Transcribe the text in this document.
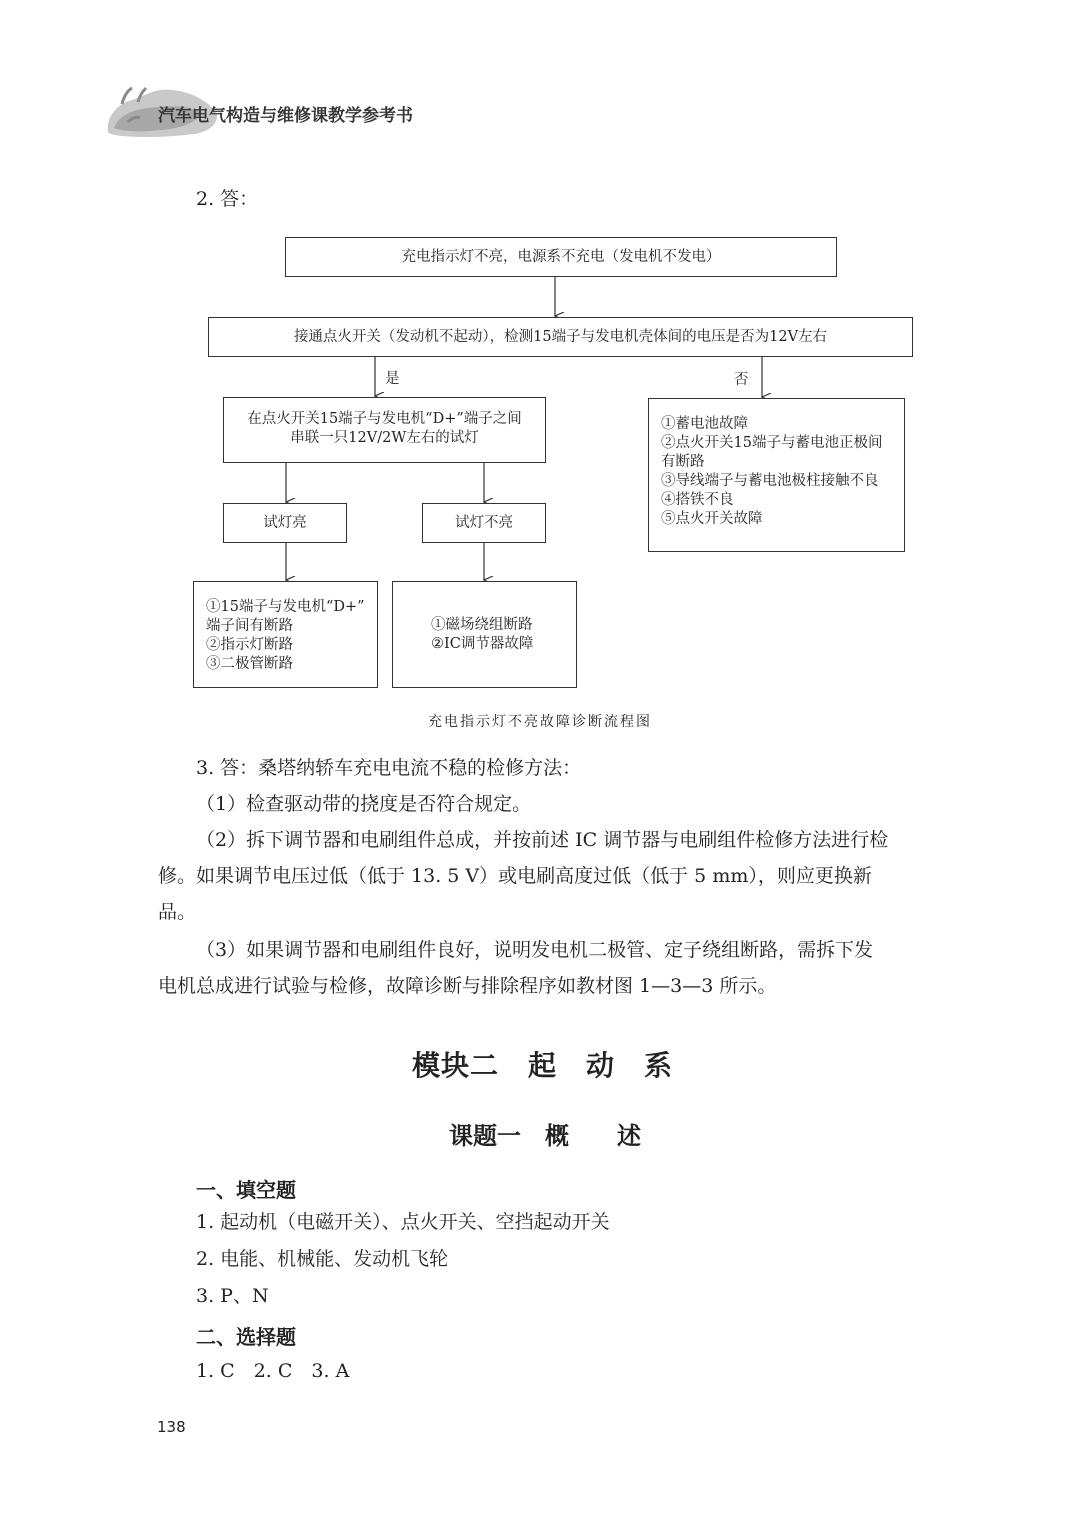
汽车电气构造与维修课教学参考书
2. 答：
充电指示灯不亮，电源系不充电（发电机不发电）
接通点火开关（发动机不起动），检测15端子与发电机壳体间的电压是否为12V左右
是	否
在点火开关15端子与发电机“D+”端子之间
串联一只12V/2W左右的试灯
试灯亮	试灯不亮
①15端子与发电机“D+”
端子间有断路
②指示灯断路
③二极管断路
①磁场绕组断路
②IC调节器故障
①蓄电池故障
②点火开关15端子与蓄电池正极间
有断路
③导线端子与蓄电池极柱接触不良
④搭铁不良
⑤点火开关故障
充电指示灯不亮故障诊断流程图
3. 答：桑塔纳轿车充电电流不稳的检修方法：
（1）检查驱动带的挠度是否符合规定。
（2）拆下调节器和电刷组件总成，并按前述 IC 调节器与电刷组件检修方法进行检
修。如果调节电压过低（低于 13. 5 V）或电刷高度过低（低于 5 mm），则应更换新
品。
（3）如果调节器和电刷组件良好，说明发电机二极管、定子绕组断路，需拆下发
电机总成进行试验与检修，故障诊断与排除程序如教材图 1—3—3 所示。
模块二　起　动　系
课题一　概　　述
一、填空题
1. 起动机（电磁开关）、点火开关、空挡起动开关
2. 电能、机械能、发动机飞轮
3. P、N
二、选择题
1. C　2. C　3. A
138
